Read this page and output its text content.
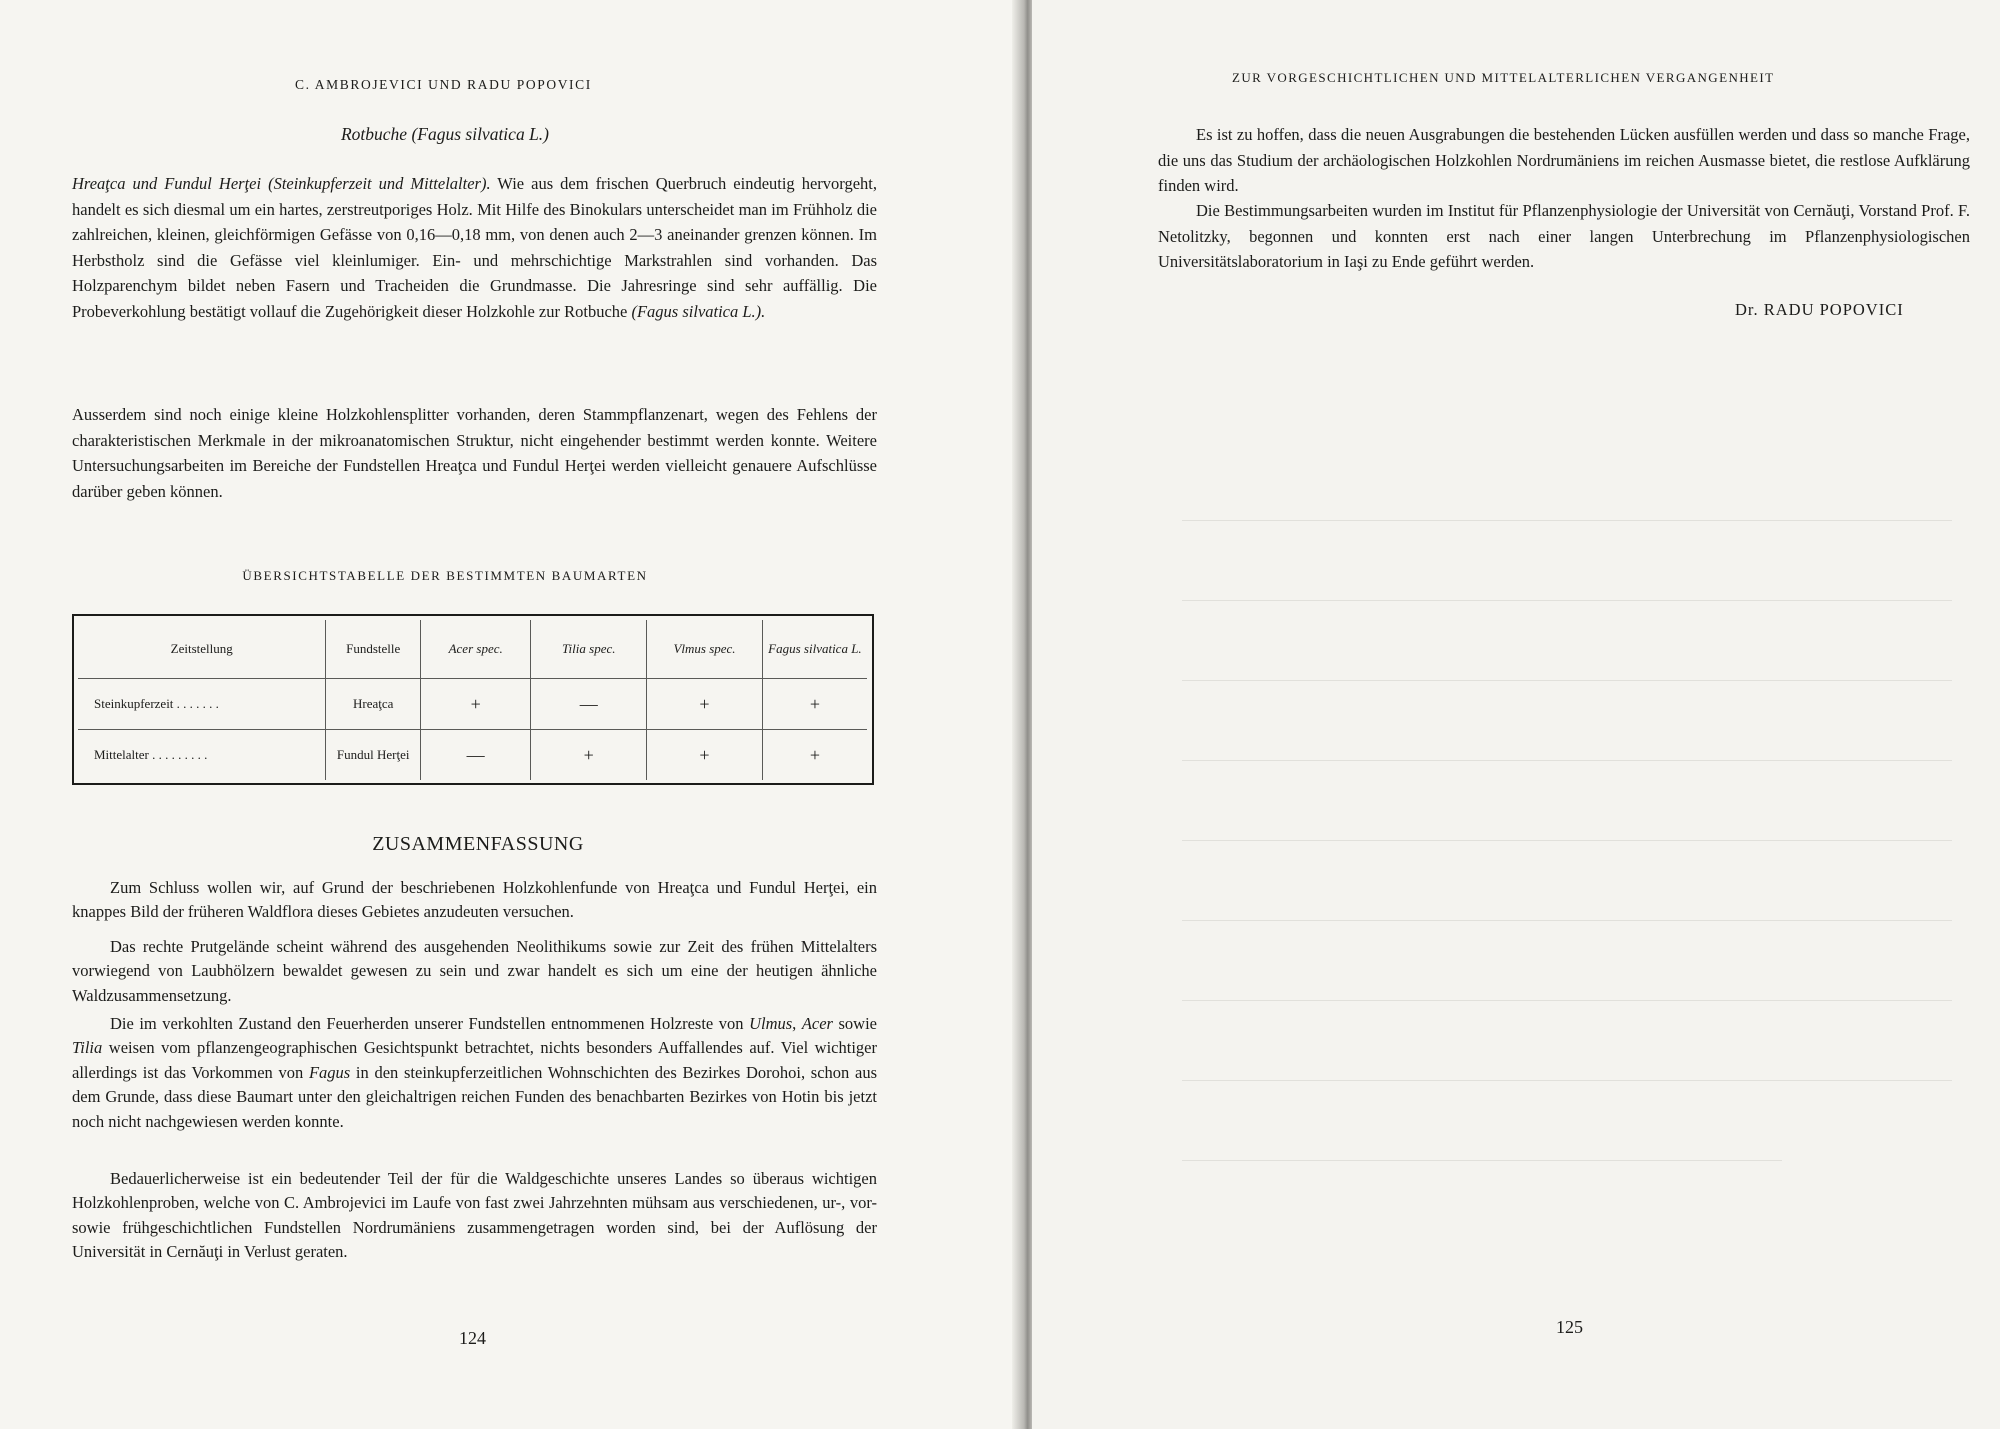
C. AMBROJEVICI UND RADU POPOVICI
Rotbuche (Fagus silvatica L.)

Hreaţca und Fundul Herţei (Steinkupferzeit und Mittelalter). Wie aus dem frischen Querbruch eindeutig hervorgeht, handelt es sich diesmal um ein hartes, zerstreutporiges Holz. Mit Hilfe des Binokulars unterscheidet man im Frühholz die zahlreichen, kleinen, gleichförmigen Gefässe von 0,16—0,18 mm, von denen auch 2—3 aneinander grenzen können. Im Herbstholz sind die Gefässe viel kleinlumiger. Ein- und mehrschichtige Markstrahlen sind vorhanden. Das Holzparenchym bildet neben Fasern und Tracheiden die Grundmasse. Die Jahresringe sind sehr auffällig. Die Probeverkohlung bestätigt vollauf die Zugehörigkeit dieser Holzkohle zur Rotbuche (Fagus silvatica L.).

Ausserdem sind noch einige kleine Holzkohlensplitter vorhanden, deren Stammpflanzenart, wegen des Fehlens der charakteristischen Merkmale in der mikroanatomischen Struktur, nicht eingehender bestimmt werden konnte. Weitere Untersuchungsarbeiten im Bereiche der Fundstellen Hreaţca und Fundul Herţei werden vielleicht genauere Aufschlüsse darüber geben können.

ÜBERSICHTSTABELLE DER BESTIMMTEN BAUMARTEN
Zeitstellung	Fundstelle	Acer spec.	Tilia spec.	Vlmus spec.	Fagus silvatica L.
Steinkupferzeit . . . . . . .	Hreaţca	+	—	+	+
Mittelalter . . . . . . . . .	Fundul Herţei	—	+	+	+
ZUSAMMENFASSUNG

Zum Schluss wollen wir, auf Grund der beschriebenen Holzkohlenfunde von Hreaţca und Fundul Herţei, ein knappes Bild der früheren Waldflora dieses Gebietes anzudeuten versuchen.

Das rechte Prutgelände scheint während des ausgehenden Neolithikums sowie zur Zeit des frühen Mittelalters vorwiegend von Laubhölzern bewaldet gewesen zu sein und zwar handelt es sich um eine der heutigen ähnliche Waldzusammensetzung.

Die im verkohlten Zustand den Feuerherden unserer Fundstellen entnommenen Holzreste von Ulmus, Acer sowie Tilia weisen vom pflanzengeographischen Gesichtspunkt betrachtet, nichts besonders Auffallendes auf. Viel wichtiger allerdings ist das Vorkommen von Fagus in den steinkupferzeitlichen Wohnschichten des Bezirkes Dorohoi, schon aus dem Grunde, dass diese Baumart unter den gleichaltrigen reichen Funden des benachbarten Bezirkes von Hotin bis jetzt noch nicht nachgewiesen werden konnte.

Bedauerlicherweise ist ein bedeutender Teil der für die Waldgeschichte unseres Landes so überaus wichtigen Holzkohlenproben, welche von C. Ambrojevici im Laufe von fast zwei Jahrzehnten mühsam aus verschiedenen, ur-, vor- sowie frühgeschichtlichen Fundstellen Nordrumäniens zusammengetragen worden sind, bei der Auflösung der Universität in Cernăuţi in Verlust geraten.

124
ZUR VORGESCHICHTLICHEN UND MITTELALTERLICHEN VERGANGENHEIT

Es ist zu hoffen, dass die neuen Ausgrabungen die bestehenden Lücken ausfüllen werden und dass so manche Frage, die uns das Studium der archäologischen Holzkohlen Nordrumäniens im reichen Ausmasse bietet, die restlose Aufklärung finden wird.

Die Bestimmungsarbeiten wurden im Institut für Pflanzenphysiologie der Universität von Cernăuţi, Vorstand Prof. F. Netolitzky, begonnen und konnten erst nach einer langen Unterbrechung im Pflanzenphysiologischen Universitätslaboratorium in Iaşi zu Ende geführt werden.

Dr. RADU POPOVICI
125
